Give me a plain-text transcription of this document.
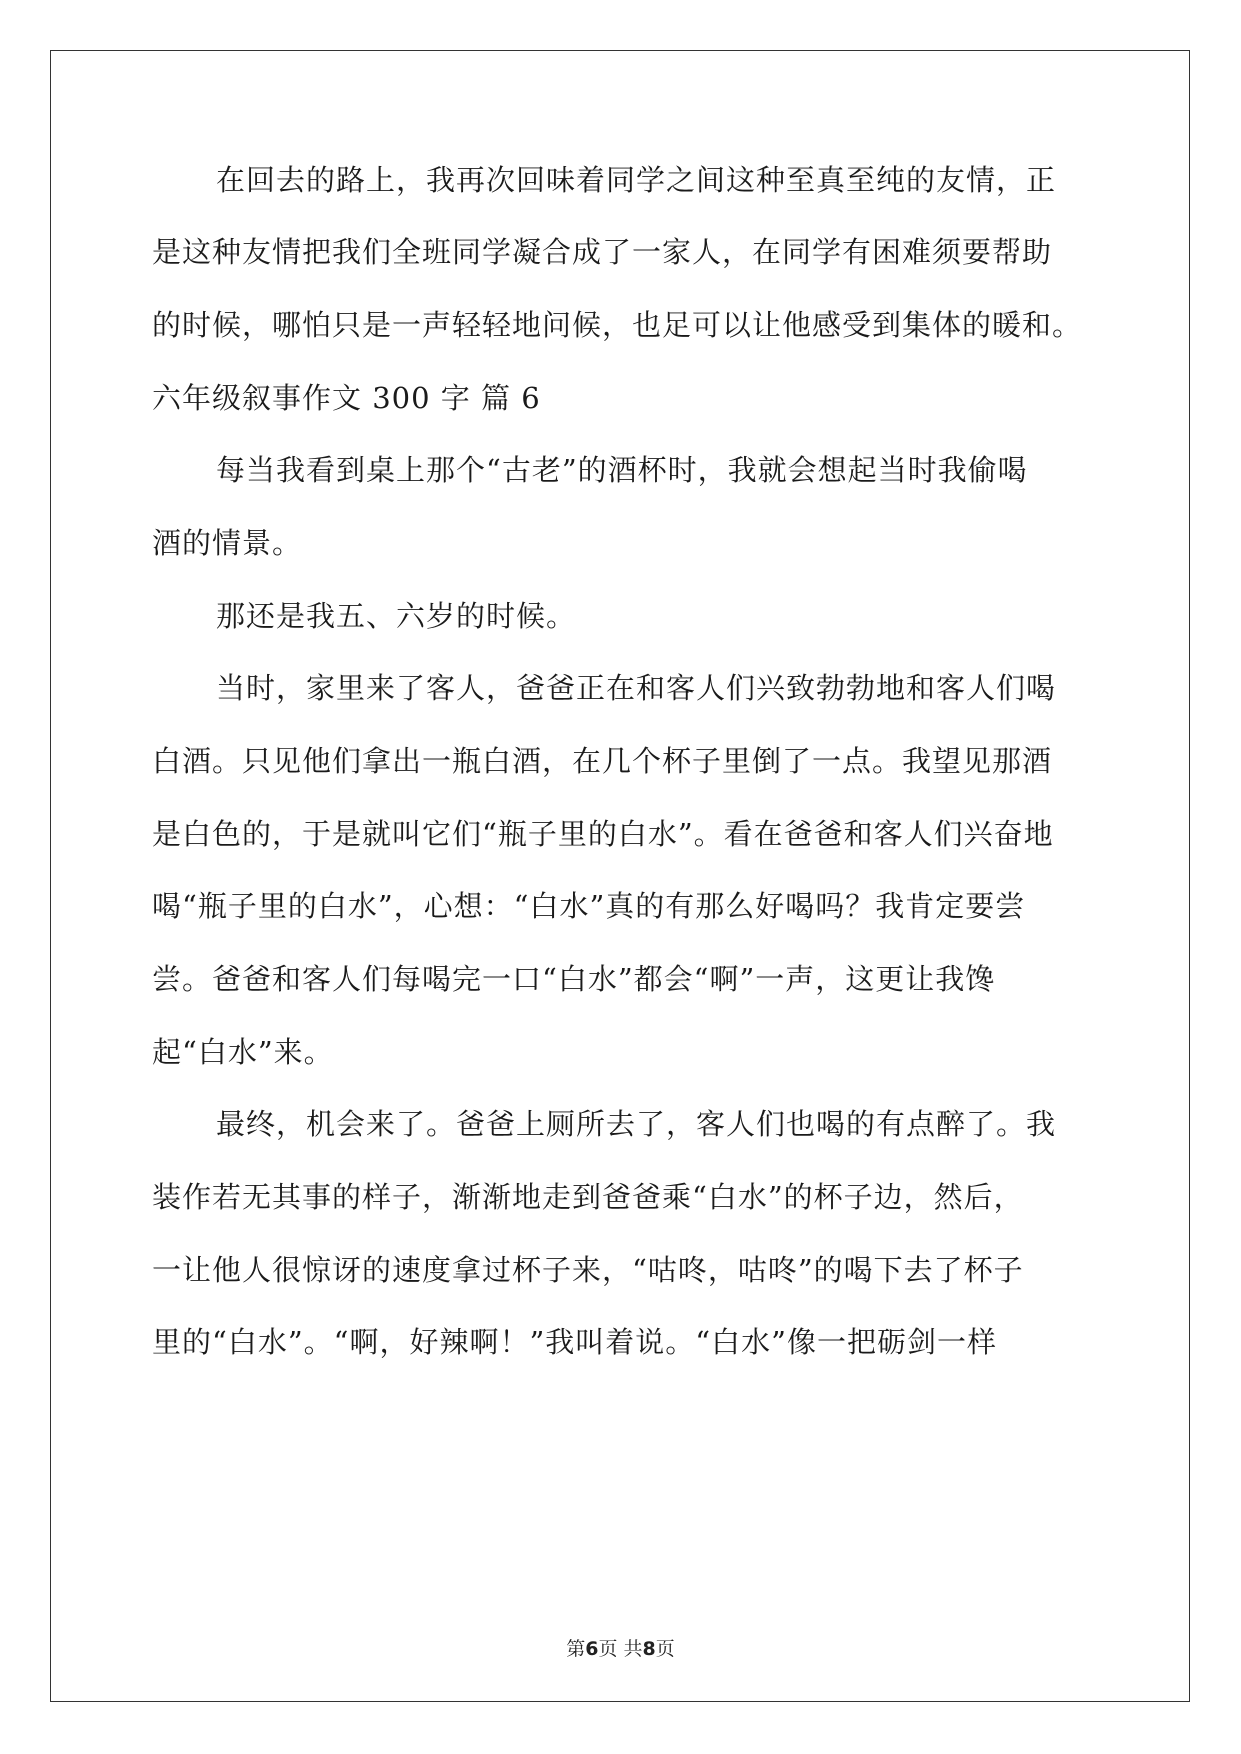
在回去的路上，我再次回味着同学之间这种至真至纯的友情，正
是这种友情把我们全班同学凝合成了一家人，在同学有困难须要帮助
的时候，哪怕只是一声轻轻地问候，也足可以让他感受到集体的暖和。
六年级叙事作文 300 字 篇 6
每当我看到桌上那个“古老”的酒杯时，我就会想起当时我偷喝
酒的情景。
那还是我五、六岁的时候。
当时，家里来了客人，爸爸正在和客人们兴致勃勃地和客人们喝
白酒。只见他们拿出一瓶白酒，在几个杯子里倒了一点。我望见那酒
是白色的，于是就叫它们“瓶子里的白水”。看在爸爸和客人们兴奋地
喝“瓶子里的白水”，心想：“白水”真的有那么好喝吗？我肯定要尝
尝。爸爸和客人们每喝完一口“白水”都会“啊”一声，这更让我馋
起“白水”来。
最终，机会来了。爸爸上厕所去了，客人们也喝的有点醉了。我
装作若无其事的样子，渐渐地走到爸爸乘“白水”的杯子边，然后，
一让他人很惊讶的速度拿过杯子来，“咕咚，咕咚”的喝下去了杯子
里的“白水”。“啊，好辣啊！”我叫着说。“白水”像一把砺剑一样
第6页 共8页
